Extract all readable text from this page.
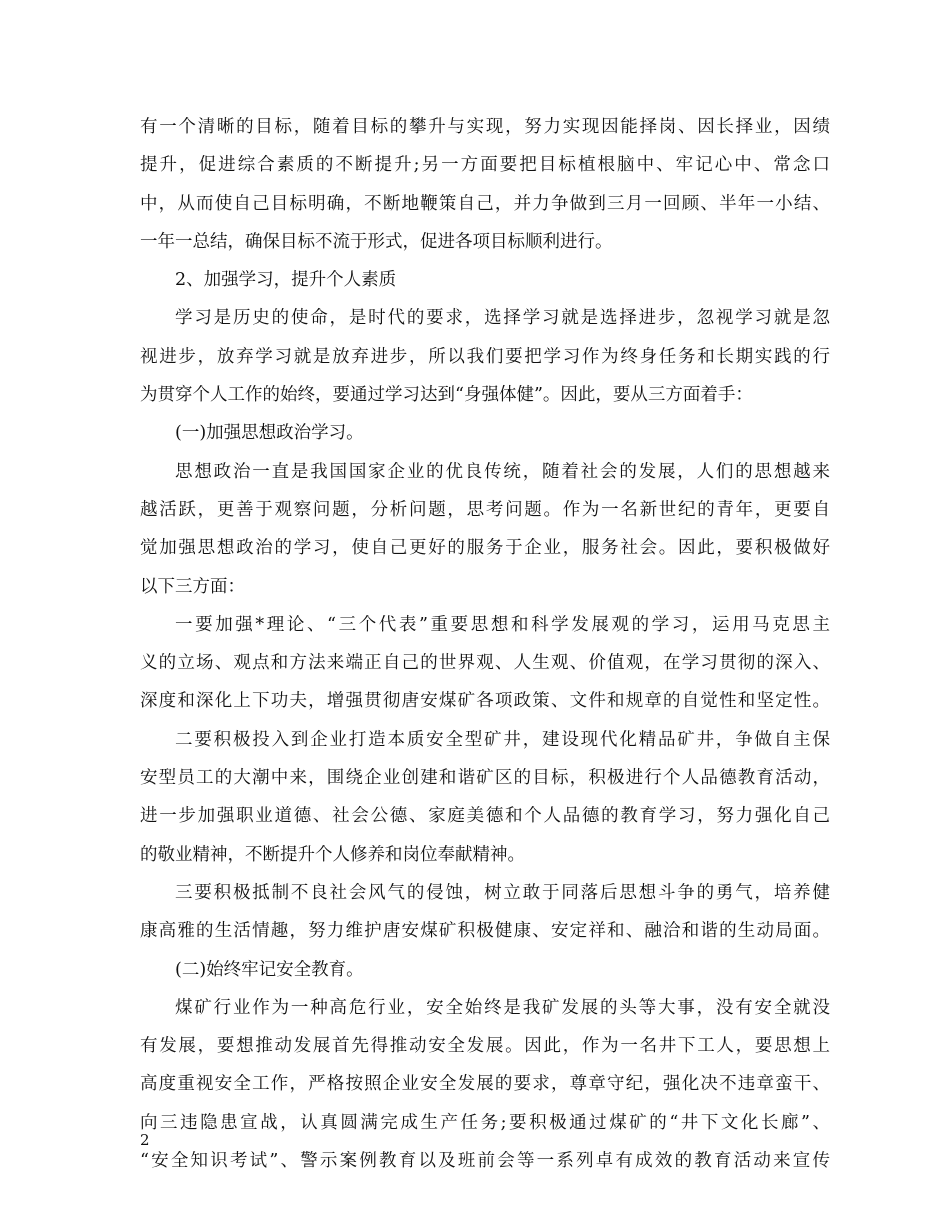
有一个清晰的目标，随着目标的攀升与实现，努力实现因能择岗、因长择业，因绩
提升，促进综合素质的不断提升;另一方面要把目标植根脑中、牢记心中、常念口
中，从而使自己目标明确，不断地鞭策自己，并力争做到三月一回顾、半年一小结、
一年一总结，确保目标不流于形式，促进各项目标顺利进行。
2、加强学习，提升个人素质
学习是历史的使命，是时代的要求，选择学习就是选择进步，忽视学习就是忽
视进步，放弃学习就是放弃进步，所以我们要把学习作为终身任务和长期实践的行
为贯穿个人工作的始终，要通过学习达到“身强体健”。因此，要从三方面着手：
(一)加强思想政治学习。
思想政治一直是我国国家企业的优良传统，随着社会的发展，人们的思想越来
越活跃，更善于观察问题，分析问题，思考问题。作为一名新世纪的青年，更要自
觉加强思想政治的学习，使自己更好的服务于企业，服务社会。因此，要积极做好
以下三方面：
一要加强*理论、“三个代表”重要思想和科学发展观的学习，运用马克思主
义的立场、观点和方法来端正自己的世界观、人生观、价值观，在学习贯彻的深入、
深度和深化上下功夫，增强贯彻唐安煤矿各项政策、文件和规章的自觉性和坚定性。
二要积极投入到企业打造本质安全型矿井，建设现代化精品矿井，争做自主保
安型员工的大潮中来，围绕企业创建和谐矿区的目标，积极进行个人品德教育活动，
进一步加强职业道德、社会公德、家庭美德和个人品德的教育学习，努力强化自己
的敬业精神，不断提升个人修养和岗位奉献精神。
三要积极抵制不良社会风气的侵蚀，树立敢于同落后思想斗争的勇气，培养健
康高雅的生活情趣，努力维护唐安煤矿积极健康、安定祥和、融洽和谐的生动局面。
(二)始终牢记安全教育。
煤矿行业作为一种高危行业，安全始终是我矿发展的头等大事，没有安全就没
有发展，要想推动发展首先得推动安全发展。因此，作为一名井下工人，要思想上
高度重视安全工作，严格按照企业安全发展的要求，尊章守纪，强化决不违章蛮干、
向三违隐患宣战，认真圆满完成生产任务;要积极通过煤矿的“井下文化长廊”、
“安全知识考试”、警示案例教育以及班前会等一系列卓有成效的教育活动来宣传
2
